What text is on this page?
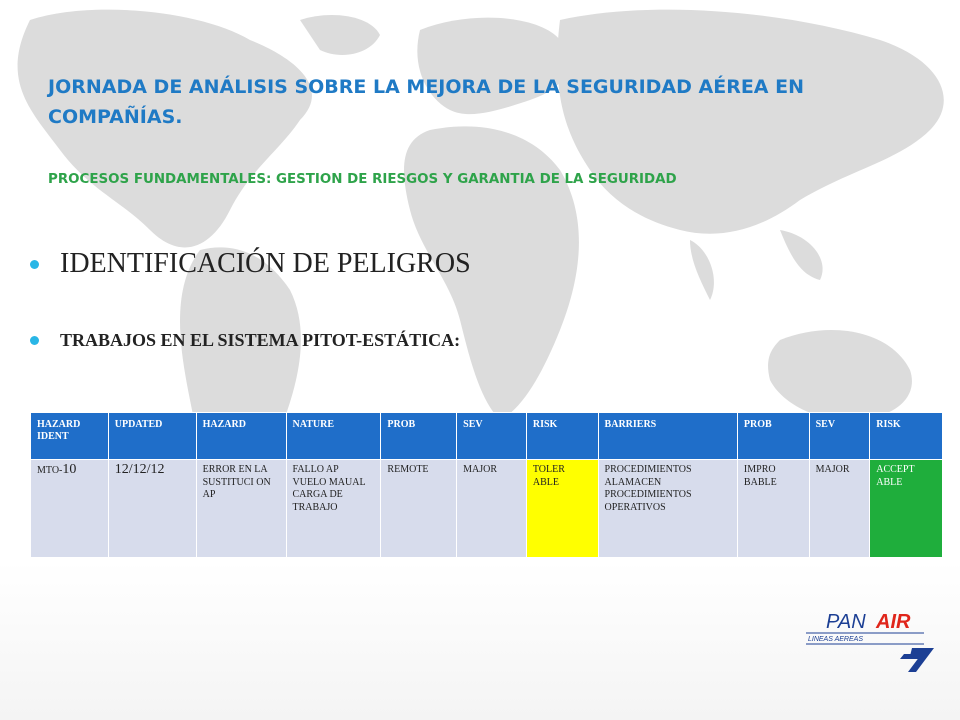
JORNADA DE ANÁLISIS SOBRE LA MEJORA DE LA SEGURIDAD AÉREA EN COMPAÑÍAS.
PROCESOS FUNDAMENTALES: GESTION DE RIESGOS Y GARANTIA DE LA SEGURIDAD
IDENTIFICACIÓN DE PELIGROS
TRABAJOS EN EL SISTEMA PITOT-ESTÁTICA:
HAZARD IDENT	UPDATED	HAZARD	NATURE	PROB	SEV	RISK	BARRIERS	PROB	SEV	RISK
MTO-10	12/12/12	ERROR EN LA SUSTITUCI ON AP	FALLO AP VUELO MAUAL CARGA DE TRABAJO	REMOTE	MAJOR	TOLER ABLE	PROCEDIMIENTOS ALAMACEN PROCEDIMIENTOS OPERATIVOS	IMPRO BABLE	MAJOR	ACCEPT ABLE
PAN AIR
LINEAS AEREAS
